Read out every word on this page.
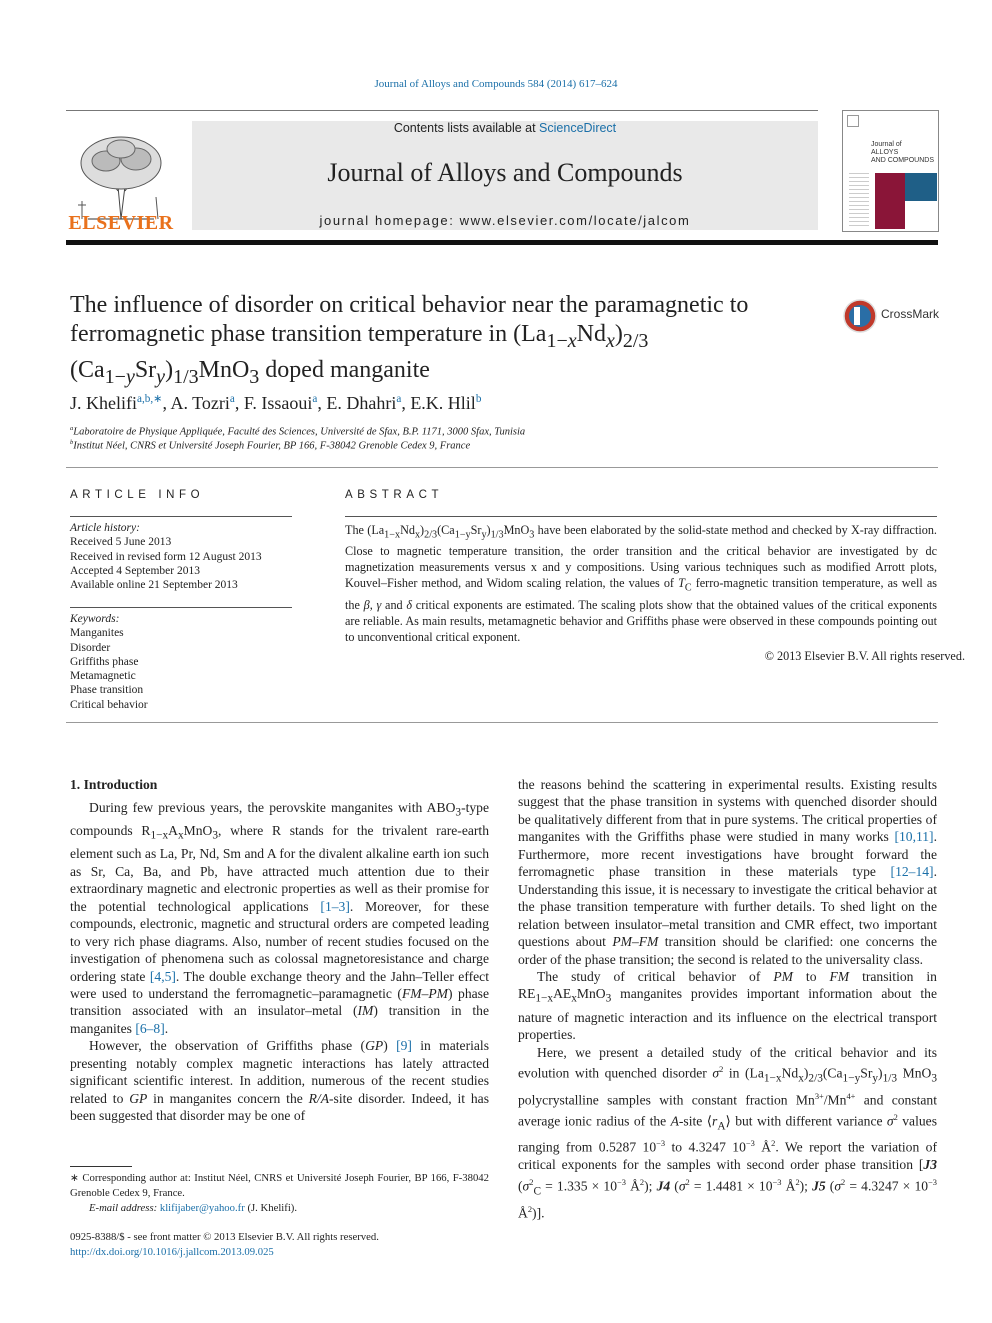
Journal of Alloys and Compounds 584 (2014) 617–624
ELSEVIER
Contents lists available at ScienceDirect
Journal of Alloys and Compounds
journal homepage: www.elsevier.com/locate/jalcom
Journal of
ALLOYS
AND COMPOUNDS
The influence of disorder on critical behavior near the paramagnetic to ferromagnetic phase transition temperature in $(La_{1-x}Nd_x)_{2/3}$
$(Ca_{1-y}Sr_y)_{1/3}MnO_3$ doped manganite
CrossMark
J. Khelifi$^{a,b,∗}$, A. Tozri$^a$, F. Issaoui$^a$, E. Dhahri$^a$, E.K. Hlil$^b$
$^a$Laboratoire de Physique Appliquée, Faculté des Sciences, Université de Sfax, B.P. 1171, 3000 Sfax, Tunisia
$^b$Institut Néel, CNRS et Université Joseph Fourier, BP 166, F-38042 Grenoble Cedex 9, France
ARTICLE INFO
Article history:
Received 5 June 2013
Received in revised form 12 August 2013
Accepted 4 September 2013
Available online 21 September 2013
Keywords:
Manganites
Disorder
Griffiths phase
Metamagnetic
Phase transition
Critical behavior
ABSTRACT
The $(La_{1-x}Nd_x)_{2/3}(Ca_{1-y}Sr_y)_{1/3}MnO_3$ have been elaborated by the solid-state method and checked by X-ray diffraction. Close to magnetic temperature transition, the order transition and the critical behavior are investigated by dc magnetization measurements versus x and y compositions. Using various techniques such as modified Arrott plots, Kouvel–Fisher method, and Widom scaling relation, the values of $T_C$ ferro-magnetic transition temperature, as well as the β, γ and δ critical exponents are estimated. The scaling plots show that the obtained values of the critical exponents are reliable. As main results, metamagnetic behavior and Griffiths phase were observed in these compounds pointing out to unconventional critical exponent.
© 2013 Elsevier B.V. All rights reserved.
1. Introduction

During few previous years, the perovskite manganites with $ABO_3$-type compounds $R_{1-x}A_xMnO_3$, where R stands for the trivalent rare-earth element such as La, Pr, Nd, Sm and A for the divalent alkaline earth ion such as Sr, Ca, Ba, and Pb, have attracted much attention due to their extraordinary magnetic and electronic properties as well as their promise for the potential technological applications [1–3]. Moreover, for these compounds, electronic, magnetic and structural orders are competed leading to very rich phase diagrams. Also, number of recent studies focused on the investigation of phenomena such as colossal magnetoresistance and charge ordering state [4,5]. The double exchange theory and the Jahn–Teller effect were used to understand the ferromagnetic–paramagnetic (FM–PM) phase transition associated with an insulator–metal (IM) transition in the manganites [6–8].

However, the observation of Griffiths phase (GP) [9] in materials presenting notably complex magnetic interactions has lately attracted significant scientific interest. In addition, numerous of the recent studies related to GP in manganites concern the R/A-site disorder. Indeed, it has been suggested that disorder may be one of

the reasons behind the scattering in experimental results. Existing results suggest that the phase transition in systems with quenched disorder should be qualitatively different from that in pure systems. The critical properties of manganites with the Griffiths phase were studied in many works [10,11]. Furthermore, more recent investigations have brought forward the ferromagnetic phase transition in these materials type [12–14]. Understanding this issue, it is necessary to investigate the critical behavior at the phase transition temperature with further details. To shed light on the relation between insulator–metal transition and CMR effect, two important questions about PM–FM transition should be clarified: one concerns the order of the phase transition; the second is related to the universality class.

The study of critical behavior of PM to FM transition in $RE_{1-x}AE_xMnO_3$ manganites provides important information about the nature of magnetic interaction and its influence on the electrical transport properties.

Here, we present a detailed study of the critical behavior and its evolution with quenched disorder $\sigma^2$ in $(La_{1-x}Nd_x)_{2/3}(Ca_{1-y}Sr_y)_{1/3}$ MnO$_3$ polycrystalline samples with constant fraction $Mn^{3+}/Mn^{4+}$ and constant average ionic radius of the A-site $⟨r_A⟩$ but with different variance $\sigma^2$ values ranging from 0.5287 $10^{-3}$ to 4.3247 $10^{-3}$ $Å^2$. We report the variation of critical exponents for the samples with second order phase transition [J3 ($\sigma^2_C = 1.335 \times 10^{-3}$ $Å^2$); J4 ($\sigma^2 = 1.4481 \times 10^{-3}$ $Å^2$); J5 ($\sigma^2 = 4.3247 \times 10^{-3}$ $Å^2$)].

∗ Corresponding author at: Institut Néel, CNRS et Université Joseph Fourier, BP 166, F-38042 Grenoble Cedex 9, France.
E-mail address: klifijaber@yahoo.fr (J. Khelifi).
0925-8388/$ - see front matter © 2013 Elsevier B.V. All rights reserved.
http://dx.doi.org/10.1016/j.jallcom.2013.09.025
